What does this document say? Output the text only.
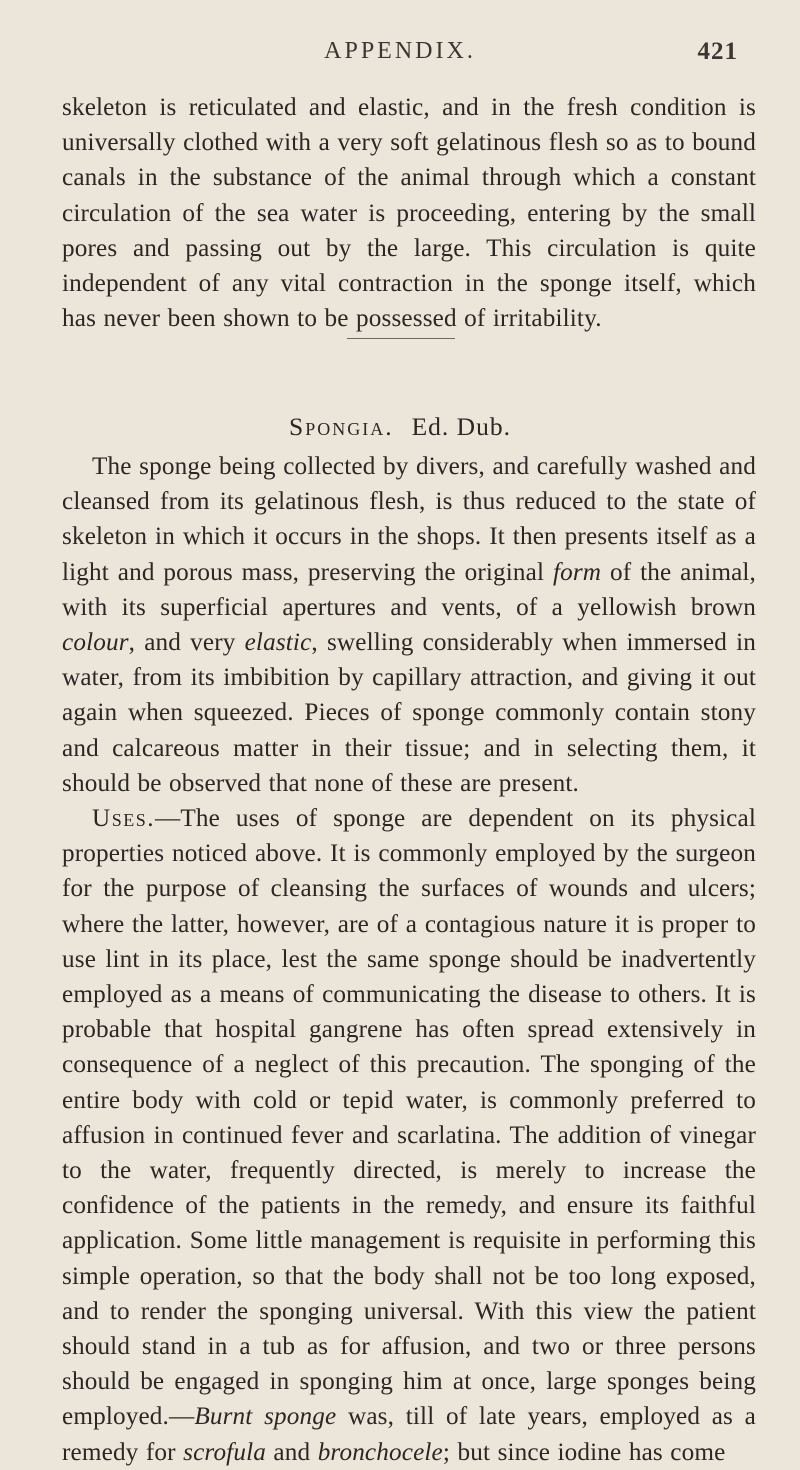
APPENDIX.	421

skeleton is reticulated and elastic, and in the fresh condition is universally clothed with a very soft gelatinous flesh so as to bound canals in the substance of the animal through which a constant circulation of the sea water is proceeding, entering by the small pores and passing out by the large. This circulation is quite independent of any vital contraction in the sponge itself, which has never been shown to be possessed of irritability.

Spongia. Ed. Dub.

The sponge being collected by divers, and carefully washed and cleansed from its gelatinous flesh, is thus reduced to the state of skeleton in which it occurs in the shops. It then presents itself as a light and porous mass, preserving the original form of the animal, with its superficial apertures and vents, of a yellowish brown colour, and very elastic, swelling considerably when immersed in water, from its imbibition by capillary attraction, and giving it out again when squeezed. Pieces of sponge commonly contain stony and calcareous matter in their tissue; and in selecting them, it should be observed that none of these are present.

Uses.—The uses of sponge are dependent on its physical properties noticed above. It is commonly employed by the surgeon for the purpose of cleansing the surfaces of wounds and ulcers; where the latter, however, are of a contagious nature it is proper to use lint in its place, lest the same sponge should be inadvertently employed as a means of communicating the disease to others. It is probable that hospital gangrene has often spread extensively in consequence of a neglect of this precaution. The sponging of the entire body with cold or tepid water, is commonly preferred to affusion in continued fever and scarlatina. The addition of vinegar to the water, frequently directed, is merely to increase the confidence of the patients in the remedy, and ensure its faithful application. Some little management is requisite in performing this simple operation, so that the body shall not be too long exposed, and to render the sponging universal. With this view the patient should stand in a tub as for affusion, and two or three persons should be engaged in sponging him at once, large sponges being employed.—Burnt sponge was, till of late years, employed as a remedy for scrofula and bronchocele; but since iodine has come
